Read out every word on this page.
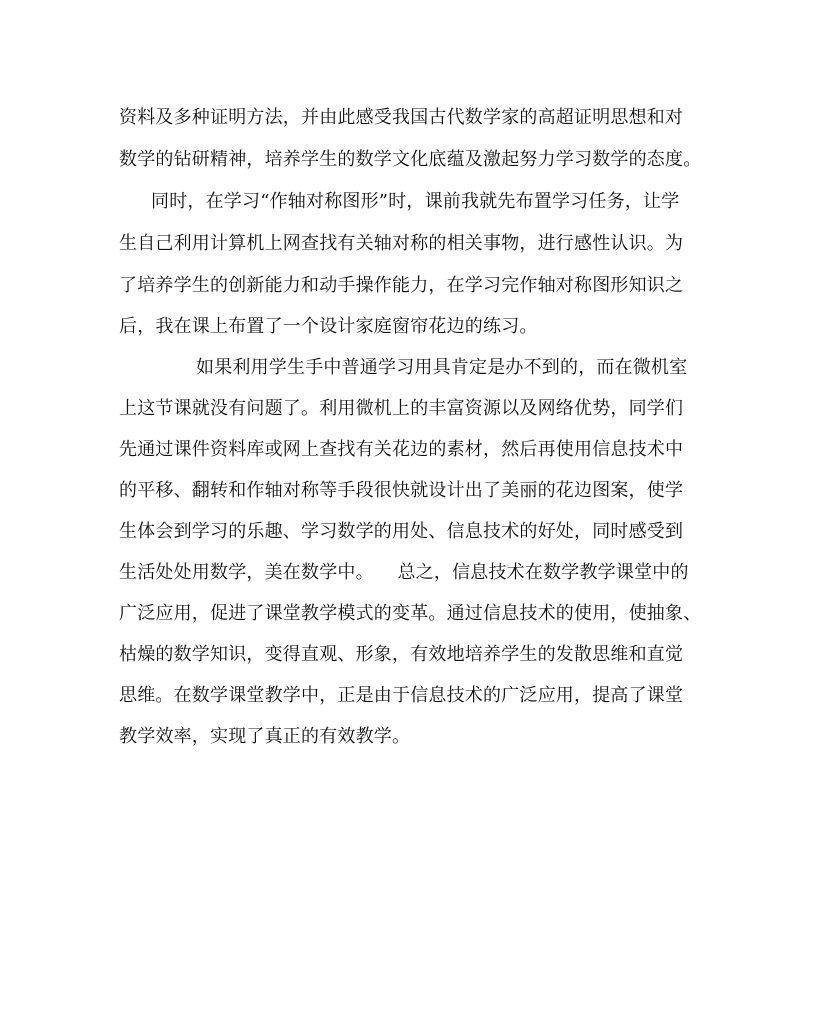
资料及多种证明方法，并由此感受我国古代数学家的高超证明思想和对
数学的钻研精神，培养学生的数学文化底蕴及激起努力学习数学的态度。
同时，在学习“作轴对称图形”时，课前我就先布置学习任务，让学
生自己利用计算机上网查找有关轴对称的相关事物，进行感性认识。为
了培养学生的创新能力和动手操作能力，在学习完作轴对称图形知识之
后，我在课上布置了一个设计家庭窗帘花边的练习。
如果利用学生手中普通学习用具肯定是办不到的，而在微机室
上这节课就没有问题了。利用微机上的丰富资源以及网络优势，同学们
先通过课件资料库或网上查找有关花边的素材，然后再使用信息技术中
的平移、翻转和作轴对称等手段很快就设计出了美丽的花边图案，使学
生体会到学习的乐趣、学习数学的用处、信息技术的好处，同时感受到
生活处处用数学，美在数学中。    总之，信息技术在数学教学课堂中的
广泛应用，促进了课堂教学模式的变革。通过信息技术的使用，使抽象、
枯燥的数学知识，变得直观、形象，有效地培养学生的发散思维和直觉
思维。在数学课堂教学中，正是由于信息技术的广泛应用，提高了课堂
教学效率，实现了真正的有效教学。
